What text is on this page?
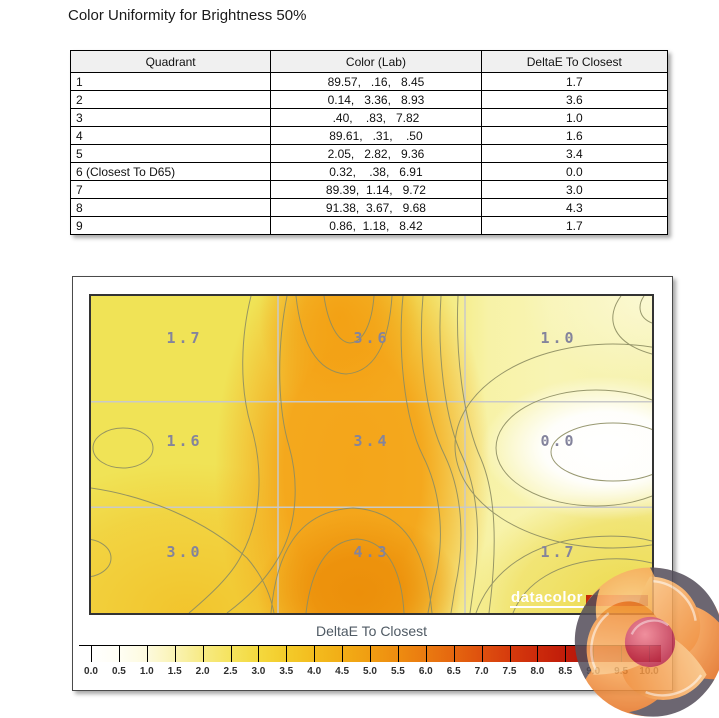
Color Uniformity for Brightness 50%
Quadrant	Color (Lab)	DeltaE To Closest
1	89.57,   .16,   8.45	1.7
2	0.14,   3.36,   8.93	3.6
3	.40,    .83,   7.82	1.0
4	89.61,   .31,    .50	1.6
5	2.05,   2.82,   9.36	3.4
6 (Closest To D65)	0.32,    .38,   6.91	0.0
7	89.39,  1.14,   9.72	3.0
8	91.38,  3.67,   9.68	4.3
9	0.86,  1.18,   8.42	1.7
1.7	3.6	1.0
1.6	3.4	0.0
3.0	4.3	1.7
datacolor
DeltaE To Closest
0.0 0.5 1.0 1.5 2.0 2.5 3.0 3.5 4.0 4.5 5.0 5.5 6.0 6.5 7.0 7.5 8.0 8.5
